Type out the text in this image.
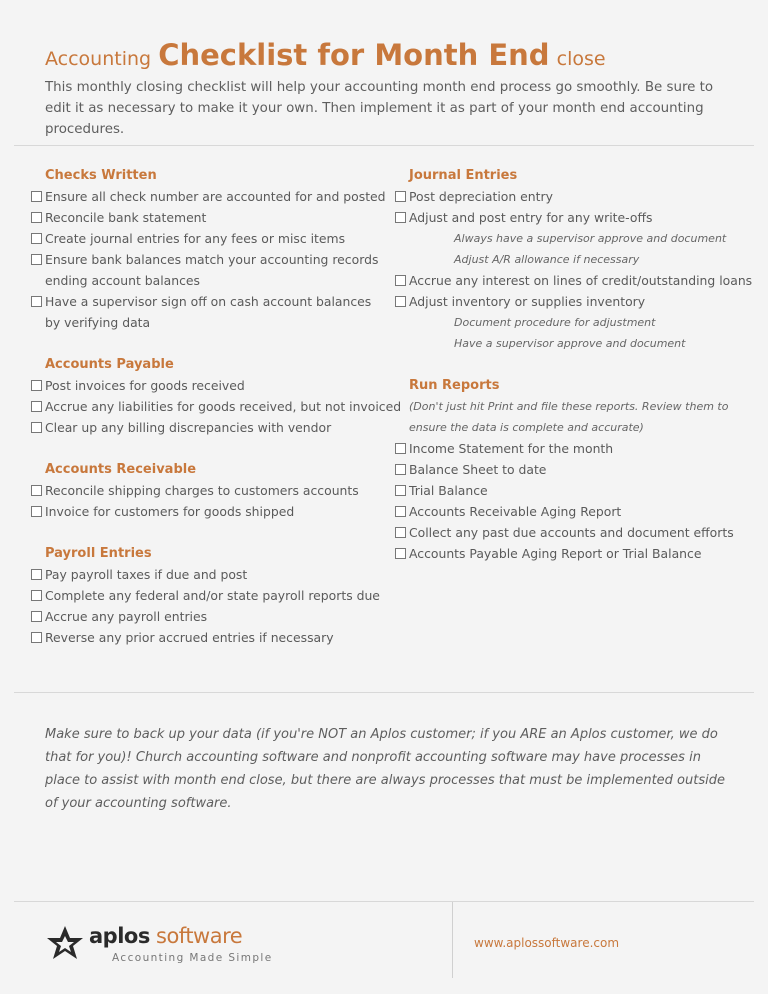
Accounting Checklist for Month End close
This monthly closing checklist will help your accounting month end process go smoothly. Be sure to edit it as necessary to make it your own. Then implement it as part of your month end accounting procedures.
Checks Written
Ensure all check number are accounted for and posted
Reconcile bank statement
Create journal entries for any fees or misc items
Ensure bank balances match your accounting records
ending account balances
Have a supervisor sign off on cash account balances
by verifying data
Accounts Payable
Post invoices for goods received
Accrue any liabilities for goods received, but not invoiced
Clear up any billing discrepancies with vendor
Accounts Receivable
Reconcile shipping charges to customers accounts
Invoice for customers for goods shipped
Payroll Entries
Pay payroll taxes if due and post
Complete any federal and/or state payroll reports due
Accrue any payroll entries
Reverse any prior accrued entries if necessary
Journal Entries
Post depreciation entry
Adjust and post entry for any write-offs
Always have a supervisor approve and document
Adjust A/R allowance if necessary
Accrue any interest on lines of credit/outstanding loans
Adjust inventory or supplies inventory
Document procedure for adjustment
Have a supervisor approve and document
Run Reports
(Don't just hit Print and file these reports. Review them to
ensure the data is complete and accurate)
Income Statement for the month
Balance Sheet to date
Trial Balance
Accounts Receivable Aging Report
Collect any past due accounts and document efforts
Accounts Payable Aging Report or Trial Balance
Make sure to back up your data (if you're NOT an Aplos customer; if you ARE an Aplos customer, we do that for you)! Church accounting software and nonprofit accounting software may have processes in place to assist with month end close, but there are always processes that must be implemented outside of your accounting software.
aplos software
Accounting Made Simple
www.aplossoftware.com
